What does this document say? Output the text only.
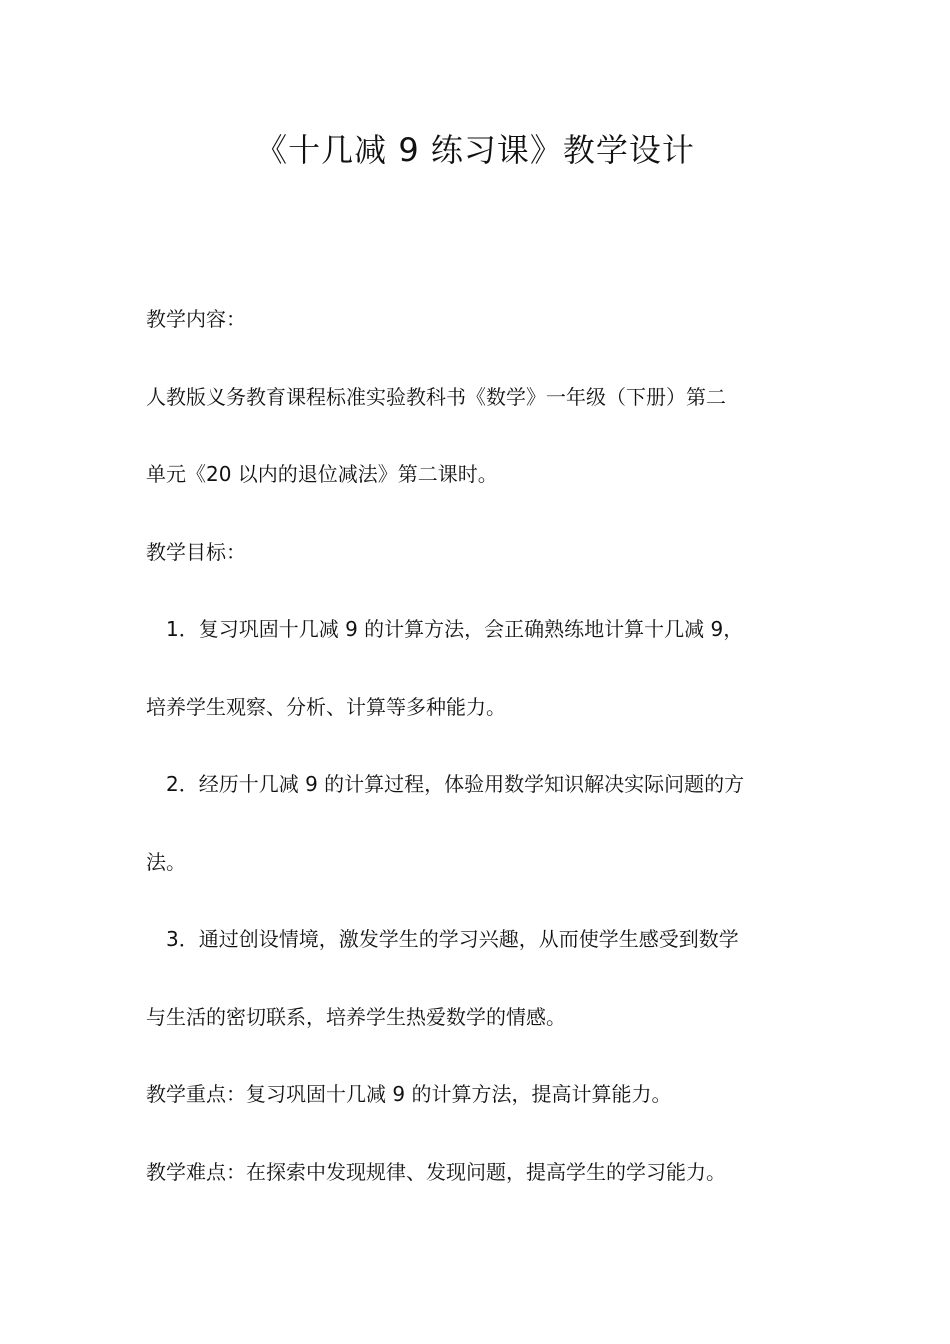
《十几减 9 练习课》教学设计
教学内容：
人教版义务教育课程标准实验教科书《数学》一年级（下册）第二
单元《20 以内的退位减法》第二课时。
教学目标：
1．复习巩固十几减 9 的计算方法，会正确熟练地计算十几减 9，
培养学生观察、分析、计算等多种能力。
2．经历十几减 9 的计算过程，体验用数学知识解决实际问题的方
法。
3．通过创设情境，激发学生的学习兴趣，从而使学生感受到数学
与生活的密切联系，培养学生热爱数学的情感。
教学重点：复习巩固十几减 9 的计算方法，提高计算能力。
教学难点：在探索中发现规律、发现问题，提高学生的学习能力。
